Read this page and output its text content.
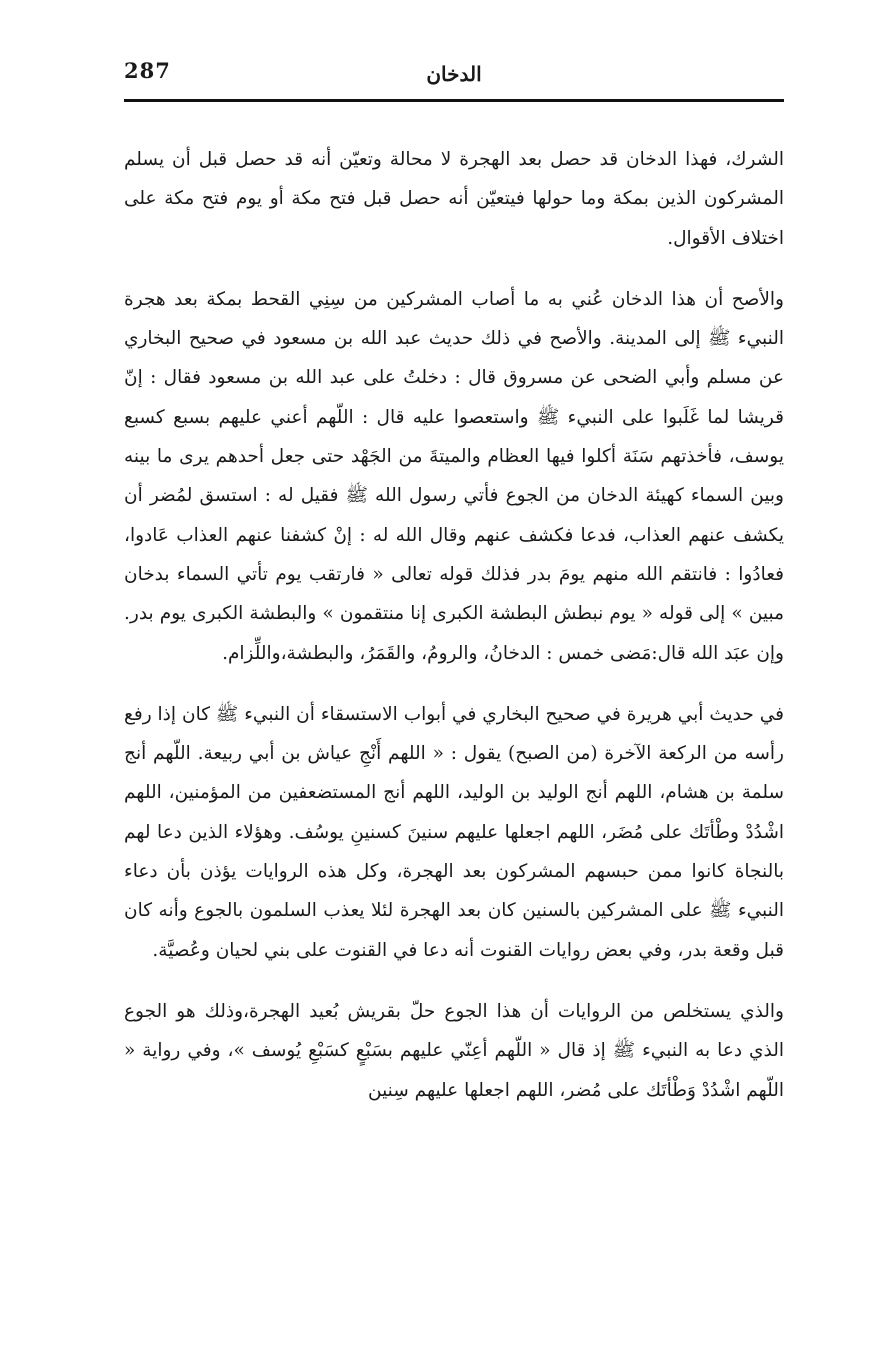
287	الدخان

الشرك، فهذا الدخان قد حصل بعد الهجرة لا محالة وتعيّن أنه قد حصل قبل أن يسلم المشركون الذين بمكة وما حولها فيتعيّن أنه حصل قبل فتح مكة أو يوم فتح مكة على اختلاف الأقوال.

والأصح أن هذا الدخان عُني به ما أصاب المشركين من سِنِي القحط بمكة بعد هجرة النبيء ﷺ إلى المدينة. والأصح في ذلك حديث عبد الله بن مسعود في صحيح البخاري عن مسلم وأبي الضحى عن مسروق قال : دخلتُ على عبد الله بن مسعود فقال : إنّ قريشا لما غَلَبوا على النبيء ﷺ واستعصوا عليه قال : اللّهم أعني عليهم بسبع كسبع يوسف، فأخذتهم سَنَة أكلوا فيها العظام والميتةَ من الجَهْد حتى جعل أحدهم يرى ما بينه وبين السماء كهيئة الدخان من الجوع فأتي رسول الله ﷺ فقيل له : استسق لمُضر أن يكشف عنهم العذاب، فدعا فكشف عنهم وقال الله له : إنْ كشفنا عنهم العذاب عَادوا، فعادُوا : فانتقم الله منهم يومَ بدر فذلك قوله تعالى « فارتقب يوم تأتي السماء بدخان مبين » إلى قوله « يوم نبطش البطشة الكبرى إنا منتقمون » والبطشة الكبرى يوم بدر. وإن عبَد الله قال:مَضى خمس : الدخانُ، والرومُ، والقَمَرُ، والبطشة،واللِّزام.

في حديث أبي هريرة في صحيح البخاري في أبواب الاستسقاء أن النبيء ﷺ كان إذا رفع رأسه من الركعة الآخرة (من الصبح) يقول : « اللهم أَنْجِ عياش بن أبي ربيعة. اللّهم أنج سلمة بن هشام، اللهم أنج الوليد بن الوليد، اللهم أنج المستضعفين من المؤمنين، اللهم اشْدُدْ وطْأتَك على مُضَر، اللهم اجعلها عليهم سنينَ كسنينِ يوسُف. وهؤلاء الذين دعا لهم بالنجاة كانوا ممن حبسهم المشركون بعد الهجرة، وكل هذه الروايات يؤذن بأن دعاء النبيء ﷺ على المشركين بالسنين كان بعد الهجرة لئلا يعذب السلمون بالجوع وأنه كان قبل وقعة بدر، وفي بعض روايات القنوت أنه دعا في القنوت على بني لحيان وعُصيَّة.

والذي يستخلص من الروايات أن هذا الجوع حلّ بقريش بُعيد الهجرة،وذلك هو الجوع الذي دعا به النبيء ﷺ إذ قال « اللّهم أعِنّي عليهم بسَبْعٍ كسَبْعِ يُوسف »، وفي رواية « اللّهم اشْدُدْ وَطْأتَك على مُضر، اللهم اجعلها عليهم سِنين
